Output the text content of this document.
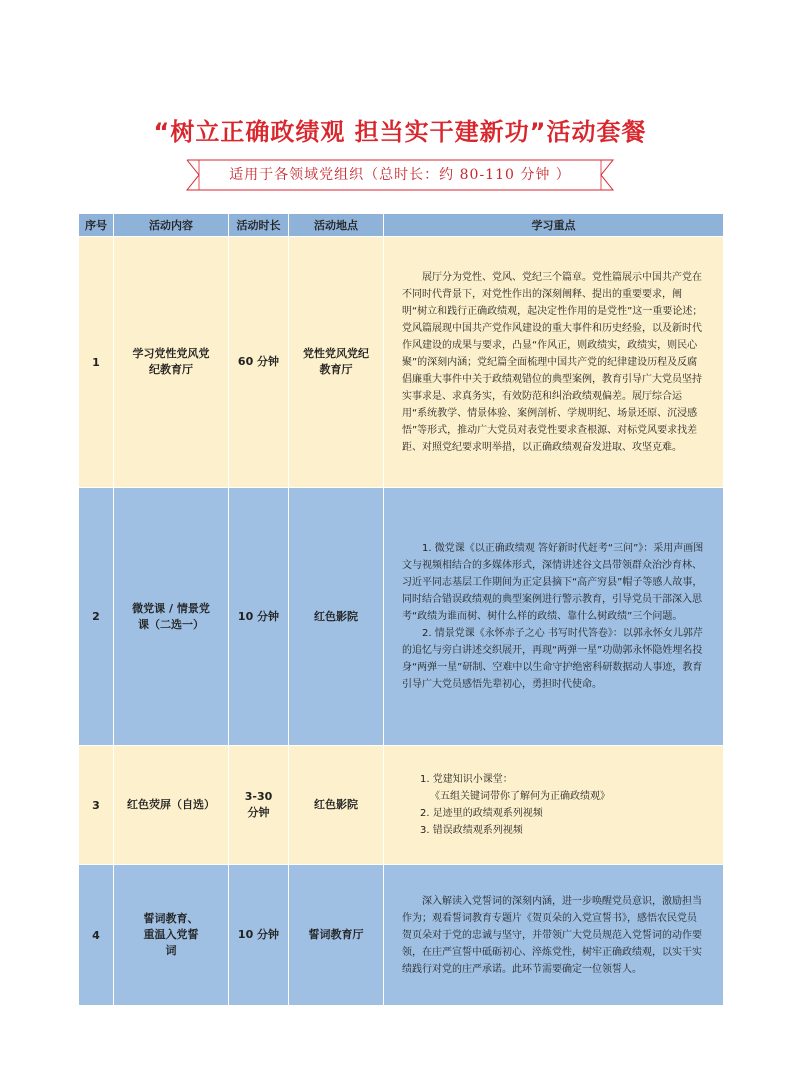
“树立正确政绩观 担当实干建新功”活动套餐
适用于各领域党组织（总时长：约 80-110 分钟 ）
序号	活动内容	活动时长	活动地点	学习重点
1	学习党性党风党纪教育厅	60 分钟	党性党风党纪教育厅	展厅分为党性、党风、党纪三个篇章。党性篇展示中国共产党在不同时代背景下，对党性作出的深刻阐释、提出的重要要求，阐明“树立和践行正确政绩观，起决定性作用的是党性”这一重要论述；党风篇展现中国共产党作风建设的重大事件和历史经验，以及新时代作风建设的成果与要求，凸显“作风正，则政绩实，政绩实，则民心聚”的深刻内涵；党纪篇全面梳理中国共产党的纪律建设历程及反腐倡廉重大事件中关于政绩观错位的典型案例，教育引导广大党员坚持实事求是、求真务实，有效防范和纠治政绩观偏差。展厅综合运用“系统教学、情景体验、案例剖析、学规明纪、场景还原、沉浸感悟”等形式，推动广大党员对表党性要求查根源、对标党风要求找差距、对照党纪要求明举措，以正确政绩观奋发进取、攻坚克难。

2	微党课 / 情景党课（二选一）	10 分钟	红色影院	1. 微党课《以正确政绩观 答好新时代赶考“三问”》：采用声画图文与视频相结合的多媒体形式，深情讲述谷文昌带领群众治沙育林、习近平同志基层工作期间为正定县摘下“高产穷县”帽子等感人故事，同时结合错误政绩观的典型案例进行警示教育，引导党员干部深入思考“政绩为谁而树、树什么样的政绩、靠什么树政绩”三个问题。

2. 情景党课《永怀赤子之心 书写时代答卷》：以郭永怀女儿郭芹的追忆与旁白讲述交织展开，再现“两弹一星”功勋郭永怀隐姓埋名投身“两弹一星”研制、空难中以生命守护绝密科研数据动人事迹，教育引导广大党员感悟先辈初心，勇担时代使命。

3	红色荧屏（自选）	3-30 分钟	红色影院	1. 党建知识小课堂：

《五组关键词带你了解何为正确政绩观》

2. 足迹里的政绩观系列视频

3. 错误政绩观系列视频

4	誓词教育、重温入党誓词	10 分钟	誓词教育厅	深入解读入党誓词的深刻内涵，进一步唤醒党员意识，激励担当作为；观看誓词教育专题片《贺页朵的入党宣誓书》，感悟农民党员贺页朵对于党的忠诚与坚守，并带领广大党员规范入党誓词的动作要领，在庄严宣誓中砥砺初心、淬炼党性，树牢正确政绩观，以实干实绩践行对党的庄严承诺。此环节需要确定一位领誓人。
